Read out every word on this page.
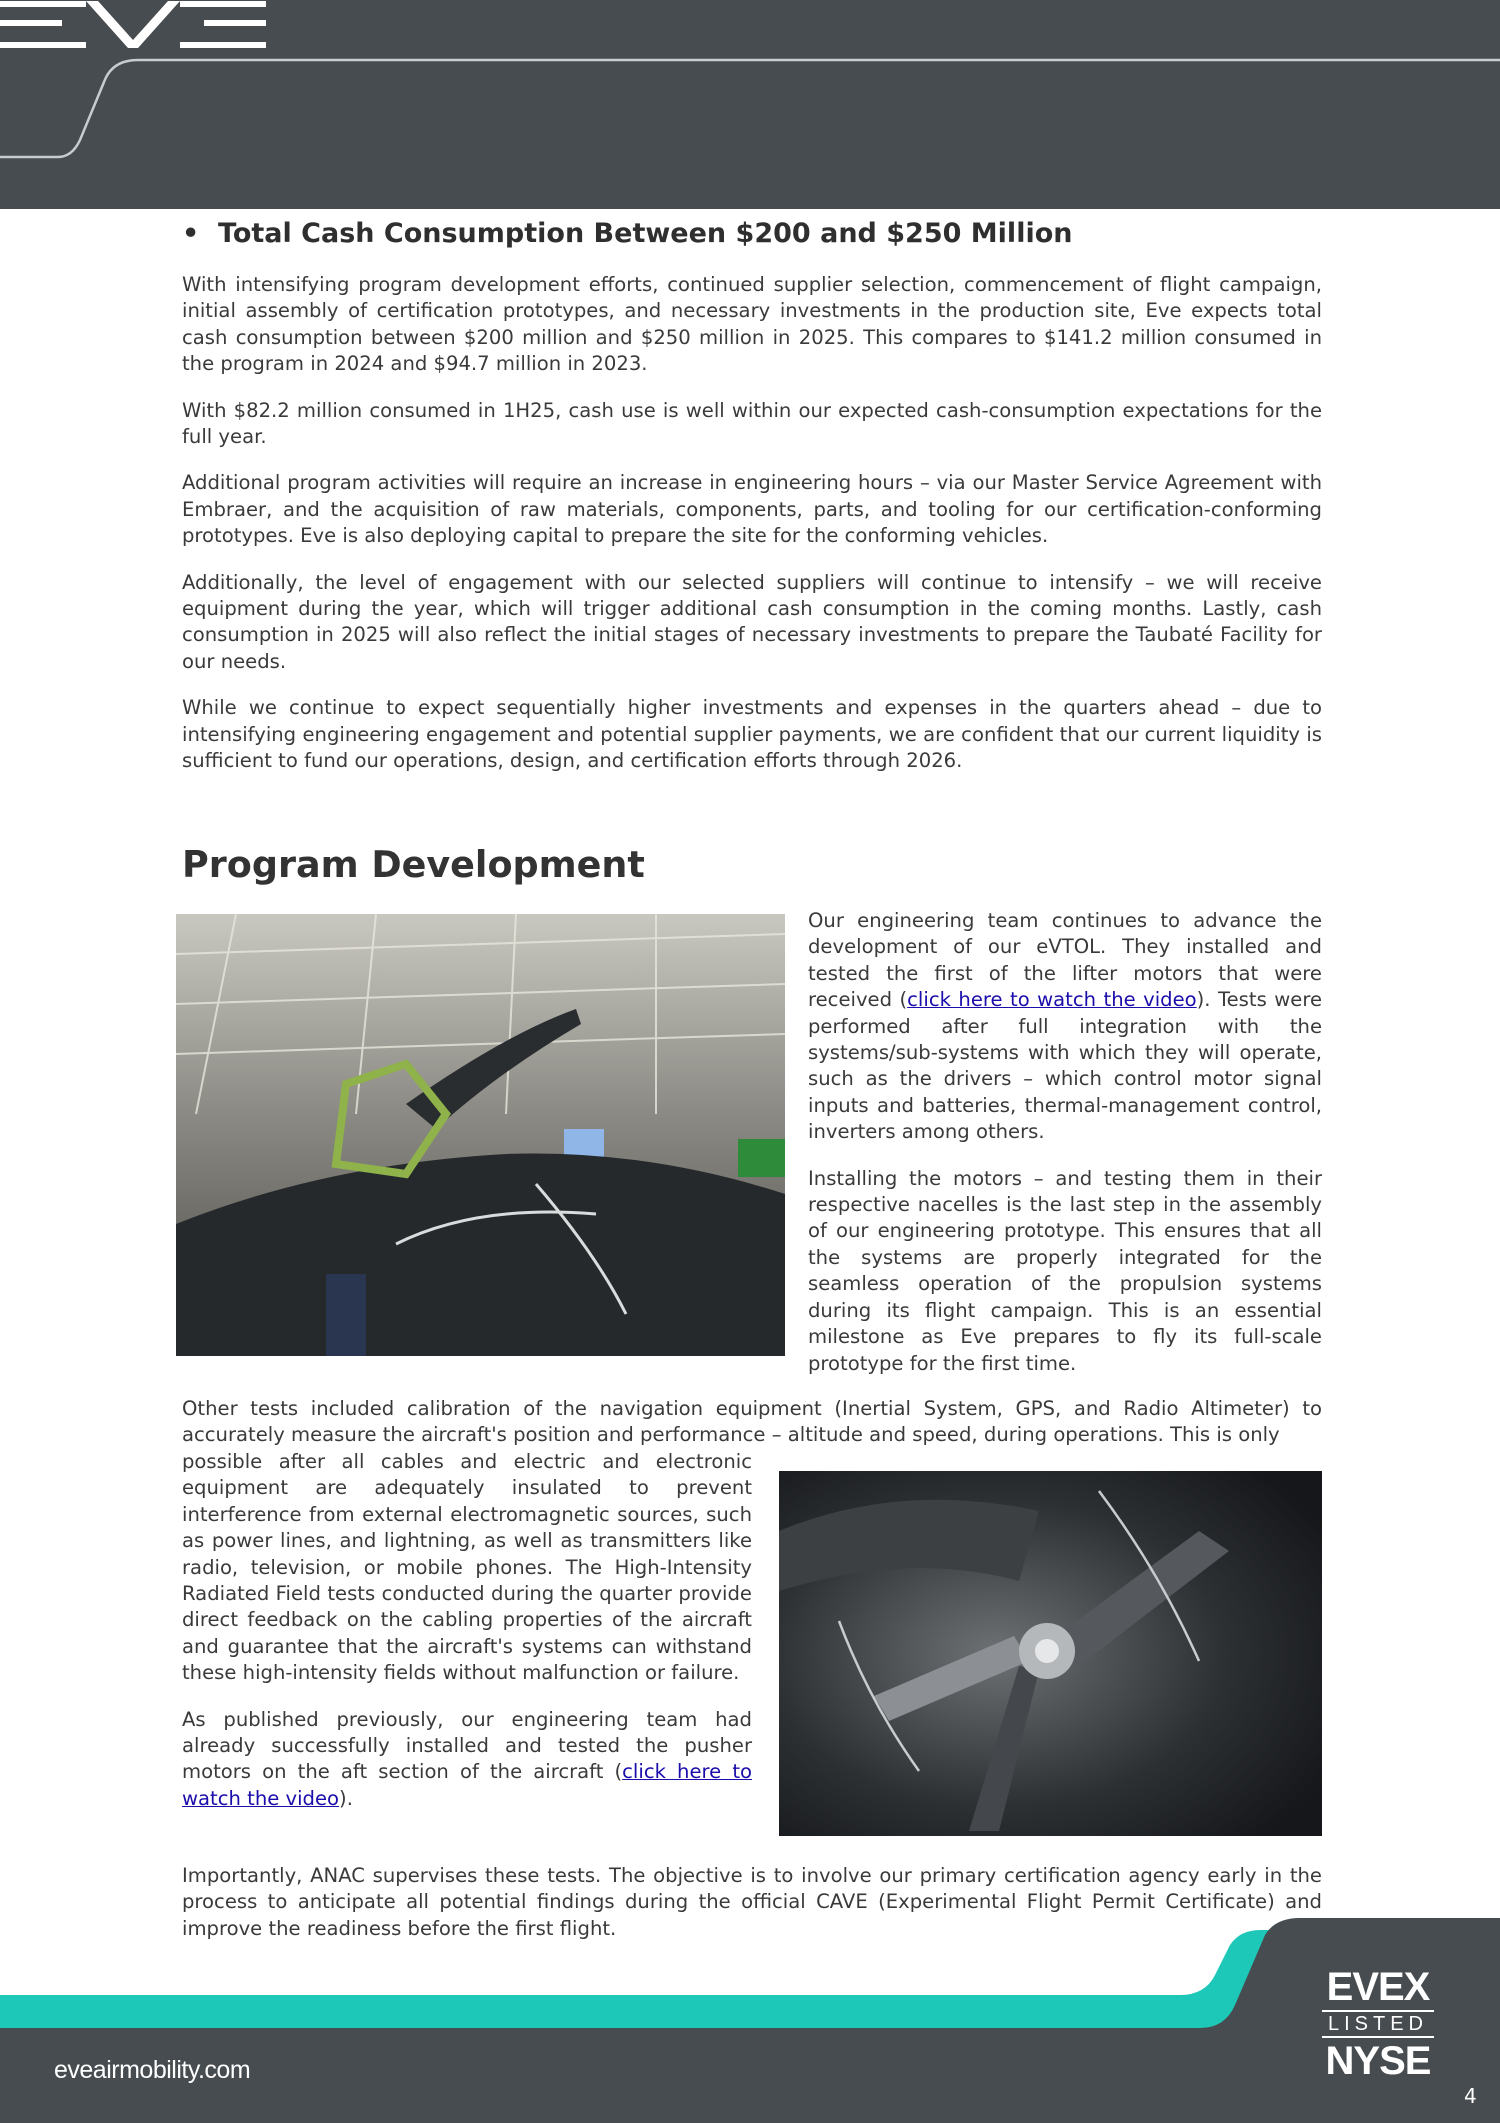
• Total Cash Consumption Between $200 and $250 Million

With intensifying program development efforts, continued supplier selection, commencement of flight campaign, initial assembly of certification prototypes, and necessary investments in the production site, Eve expects total cash consumption between $200 million and $250 million in 2025. This compares to $141.2 million consumed in the program in 2024 and $94.7 million in 2023.

With $82.2 million consumed in 1H25, cash use is well within our expected cash-consumption expectations for the full year.

Additional program activities will require an increase in engineering hours – via our Master Service Agreement with Embraer, and the acquisition of raw materials, components, parts, and tooling for our certification-conforming prototypes. Eve is also deploying capital to prepare the site for the conforming vehicles.

Additionally, the level of engagement with our selected suppliers will continue to intensify – we will receive equipment during the year, which will trigger additional cash consumption in the coming months. Lastly, cash consumption in 2025 will also reflect the initial stages of necessary investments to prepare the Taubaté Facility for our needs.

While we continue to expect sequentially higher investments and expenses in the quarters ahead – due to intensifying engineering engagement and potential supplier payments, we are confident that our current liquidity is sufficient to fund our operations, design, and certification efforts through 2026.

Program Development

Our engineering team continues to advance the development of our eVTOL. They installed and tested the first of the lifter motors that were received (click here to watch the video). Tests were performed after full integration with the systems/sub-systems with which they will operate, such as the drivers – which control motor signal inputs and batteries, thermal-management control, inverters among others.

Installing the motors – and testing them in their respective nacelles is the last step in the assembly of our engineering prototype. This ensures that all the systems are properly integrated for the seamless operation of the propulsion systems during its flight campaign. This is an essential milestone as Eve prepares to fly its full-scale prototype for the first time.

Other tests included calibration of the navigation equipment (Inertial System, GPS, and Radio Altimeter) to accurately measure the aircraft's position and performance – altitude and speed, during operations. This is only

possible after all cables and electric and electronic equipment are adequately insulated to prevent interference from external electromagnetic sources, such as power lines, and lightning, as well as transmitters like radio, television, or mobile phones. The High-Intensity Radiated Field tests conducted during the quarter provide direct feedback on the cabling properties of the aircraft and guarantee that the aircraft's systems can withstand these high-intensity fields without malfunction or failure.

As published previously, our engineering team had already successfully installed and tested the pusher motors on the aft section of the aircraft (click here to watch the video).

Importantly, ANAC supervises these tests. The objective is to involve our primary certification agency early in the process to anticipate all potential findings during the official CAVE (Experimental Flight Permit Certificate) and improve the readiness before the first flight.

eveairmobility.com
EVEX
LISTED
NYSE
4
